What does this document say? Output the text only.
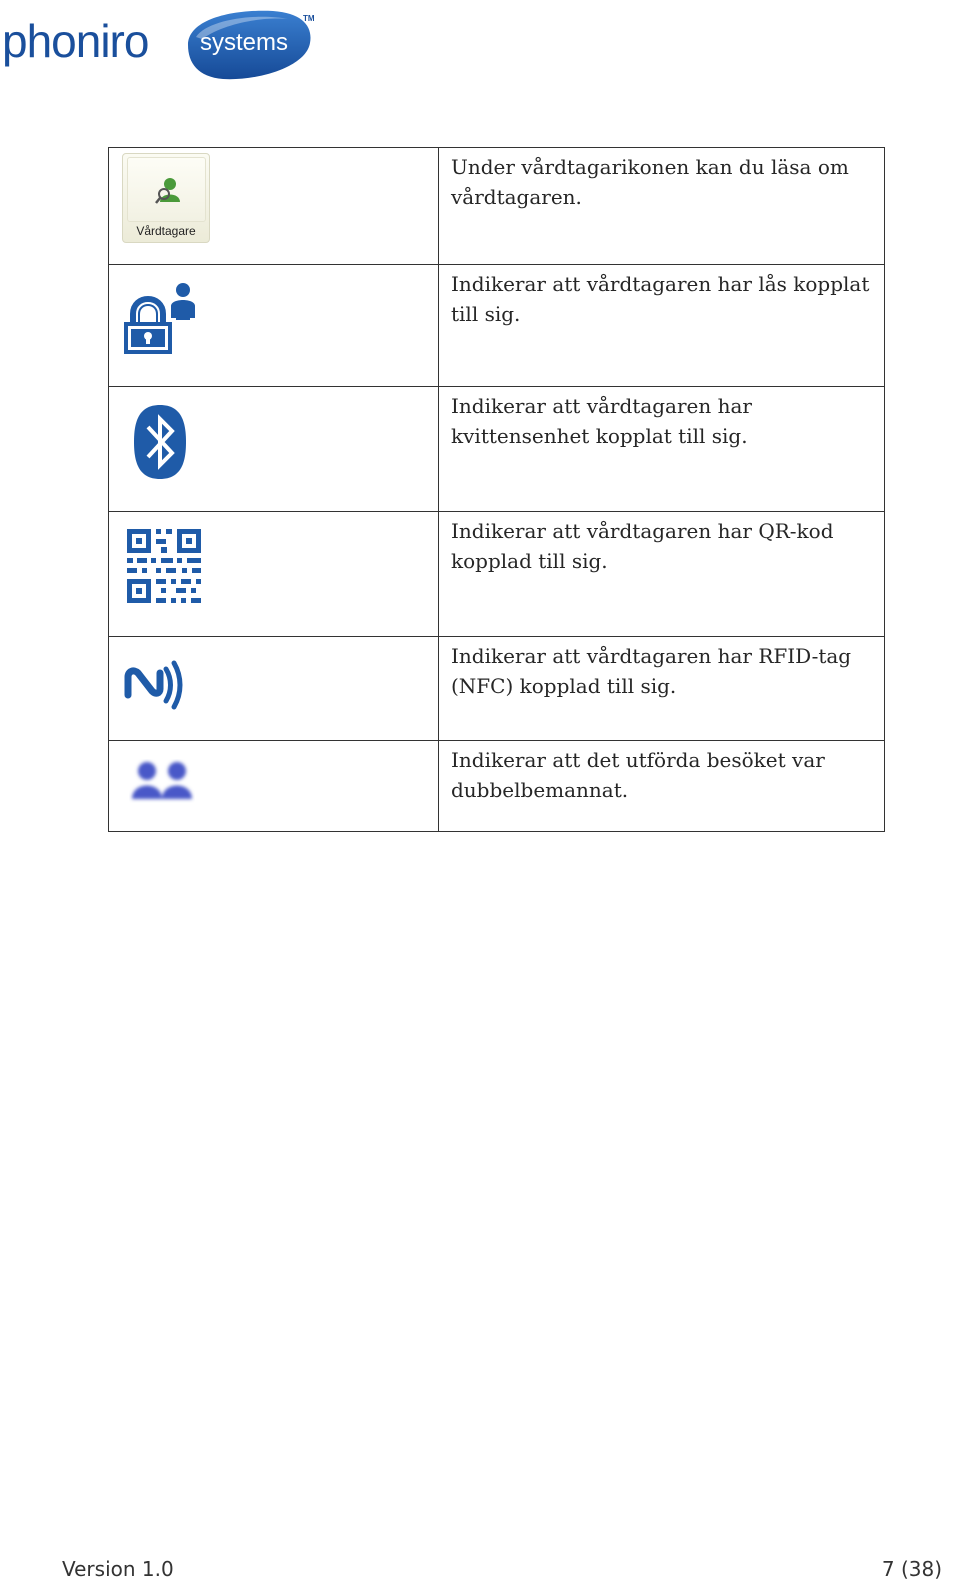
phoniro systems
TM
Vårdtagare	Under vårdtagarikonen kan du läsa om vårdtagaren.

	Indikerar att vårdtagaren har lås kopplat till sig.

	Indikerar att vårdtagaren har kvittensenhet kopplat till sig.

	Indikerar att vårdtagaren har QR-kod kopplad till sig.

	Indikerar att vårdtagaren har RFID-tag (NFC) kopplad till sig.

	Indikerar att det utförda besöket var dubbelbemannat.
Version 1.0	7 (38)
